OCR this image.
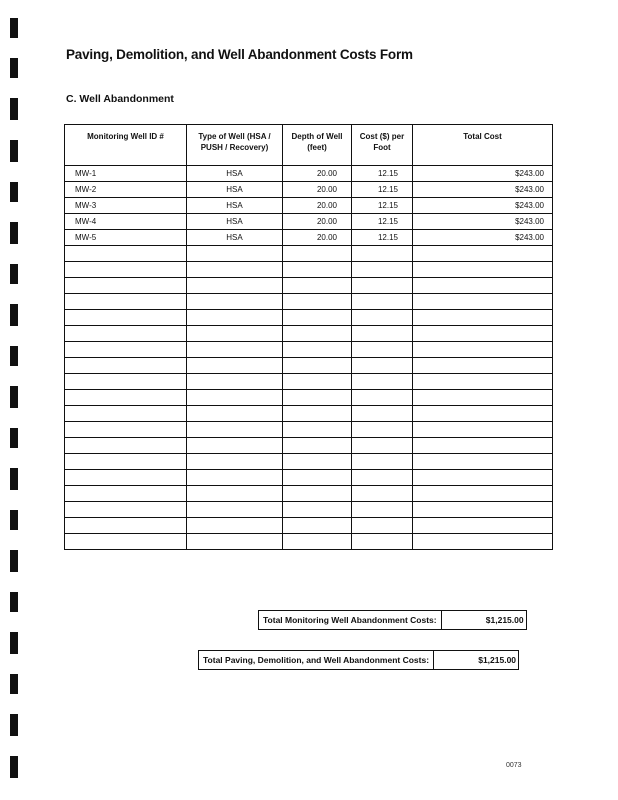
Paving, Demolition, and Well Abandonment Costs Form
C. Well Abandonment
Monitoring Well ID #	Type of Well (HSA / PUSH / Recovery)	Depth of Well (feet)	Cost ($) per Foot	Total Cost
MW-1	HSA	20.00	12.15	$243.00
MW-2	HSA	20.00	12.15	$243.00
MW-3	HSA	20.00	12.15	$243.00
MW-4	HSA	20.00	12.15	$243.00
MW-5	HSA	20.00	12.15	$243.00

Total Monitoring Well Abandonment Costs:	$1,215.00
Total Paving, Demolition, and Well Abandonment Costs:	$1,215.00
0073
